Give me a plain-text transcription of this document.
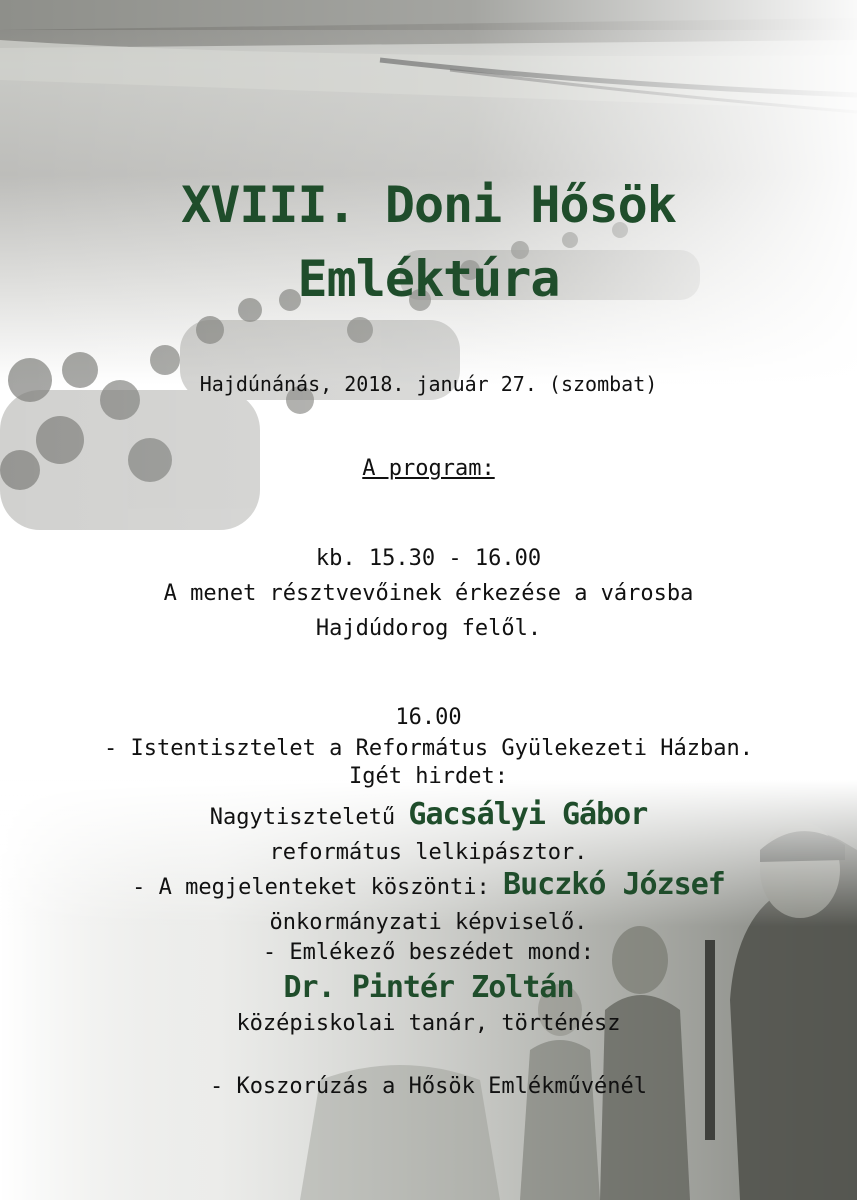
XVIII. Doni Hősök
Emléktúra
Hajdúnánás, 2018. január 27. (szombat)
A program:
kb. 15.30 - 16.00
A menet résztvevőinek érkezése a városba
Hajdúdorog felől.
16.00
- Istentisztelet a Református Gyülekezeti Házban.
Igét hirdet:
Nagytiszteletű Gacsályi Gábor
református lelkipásztor.
- A megjelenteket köszönti: Buczkó József
önkormányzati képviselő.
- Emlékező beszédet mond:
Dr. Pintér Zoltán
középiskolai tanár, történész
- Koszorúzás a Hősök Emlékművénél
